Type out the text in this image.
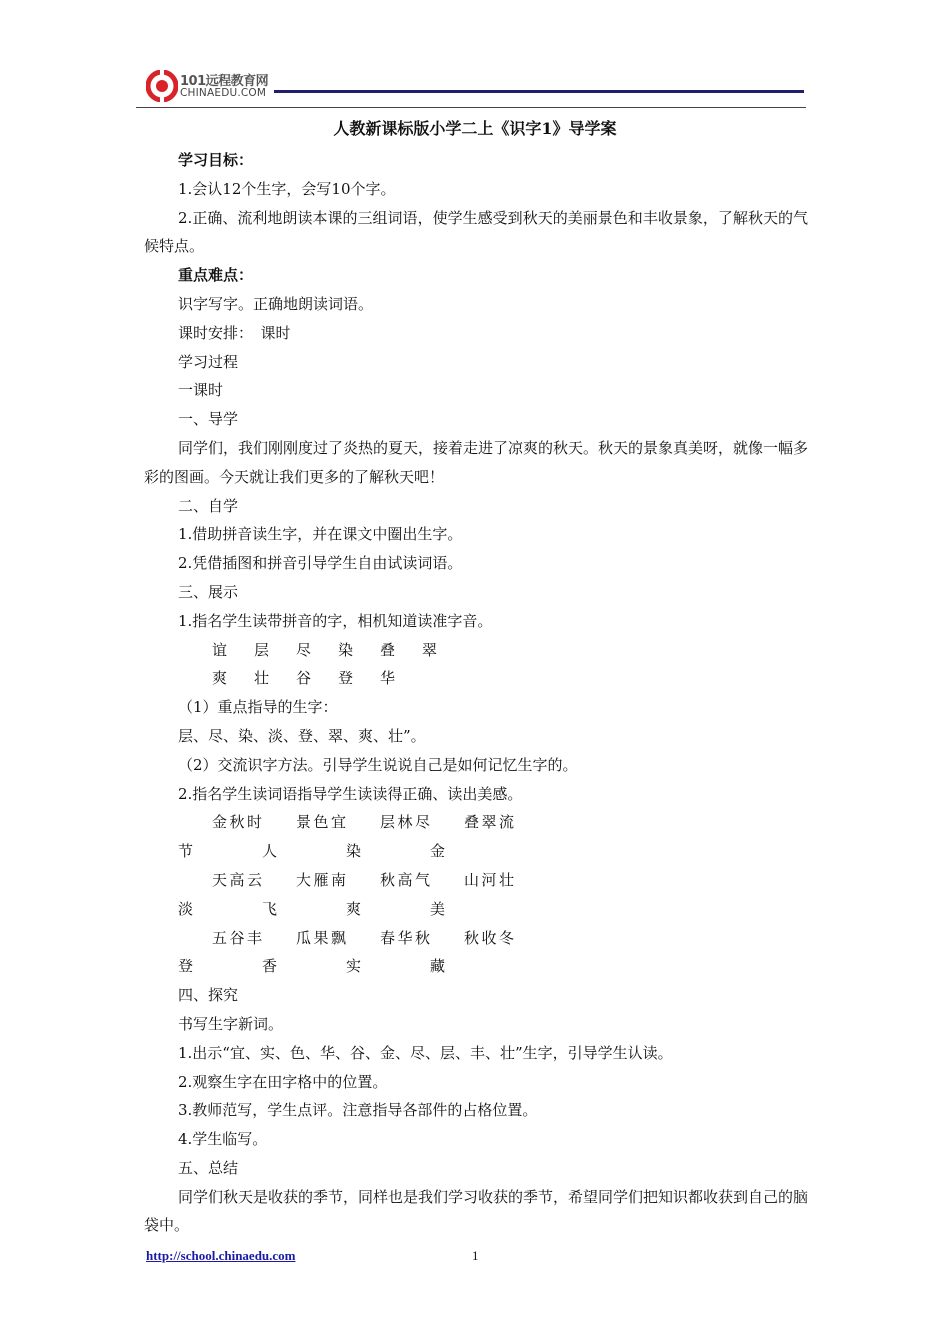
101远程教育网
CHINAEDU.COM
人教新课标版小学二上《识字1》导学案

学习目标：

1.会认12个生字，会写10个字。

2.正确、流利地朗读本课的三组词语，使学生感受到秋天的美丽景色和丰收景象，了解秋天的气候特点。

重点难点：

识字写字。正确地朗读词语。

课时安排：　课时

学习过程

一课时

一、导学

同学们，我们刚刚度过了炎热的夏天，接着走进了凉爽的秋天。秋天的景象真美呀，就像一幅多彩的图画。今天就让我们更多的了解秋天吧！

二、自学

1.借助拼音读生字，并在课文中圈出生字。

2.凭借插图和拼音引导学生自由试读词语。

三、展示

1.指名学生读带拼音的字，相机知道读准字音。

谊 层 尽 染 叠 翠

爽 壮 谷 登 华

（1）重点指导的生字：

层、尽、染、淡、登、翠、爽、壮”。

（2）交流识字方法。引导学生说说自己是如何记忆生字的。

2.指名学生读词语指导学生读读得正确、读出美感。

金秋时节景色宜人层林尽染叠翠流金

天高云淡大雁南飞秋高气爽山河壮美

五谷丰登瓜果飘香春华秋实秋收冬藏

四、探究

书写生字新词。

1.出示“宜、实、色、华、谷、金、尽、层、丰、壮”生字，引导学生认读。

2.观察生字在田字格中的位置。

3.教师范写，学生点评。注意指导各部件的占格位置。

4.学生临写。

五、总结

同学们秋天是收获的季节，同样也是我们学习收获的季节，希望同学们把知识都收获到自己的脑袋中。

http://school.chinaedu.com	1
